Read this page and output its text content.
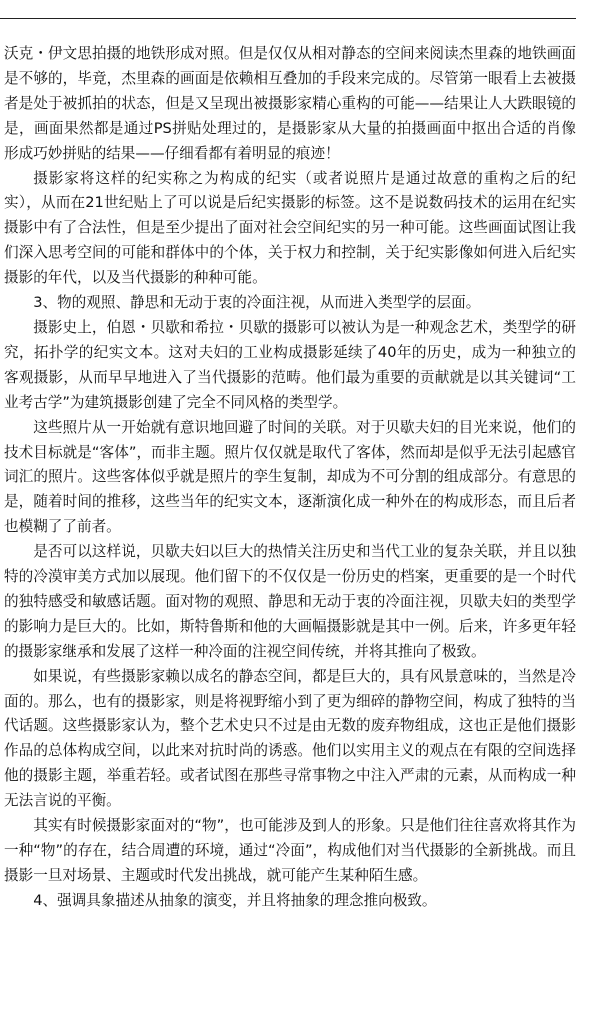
沃克・伊文思拍摄的地铁形成对照。但是仅仅从相对静态的空间来阅读杰里森的地铁画面是不够的，毕竟，杰里森的画面是依赖相互叠加的手段来完成的。尽管第一眼看上去被摄者是处于被抓拍的状态，但是又呈现出被摄影家精心重构的可能——结果让人大跌眼镜的是，画面果然都是通过PS拼贴处理过的，是摄影家从大量的拍摄画面中抠出合适的肖像形成巧妙拼贴的结果——仔细看都有着明显的痕迹！

摄影家将这样的纪实称之为构成的纪实（或者说照片是通过故意的重构之后的纪实），从而在21世纪贴上了可以说是后纪实摄影的标签。这不是说数码技术的运用在纪实摄影中有了合法性，但是至少提出了面对社会空间纪实的另一种可能。这些画面试图让我们深入思考空间的可能和群体中的个体，关于权力和控制，关于纪实影像如何进入后纪实摄影的年代，以及当代摄影的种种可能。

3、物的观照、静思和无动于衷的冷面注视，从而进入类型学的层面。

摄影史上，伯恩・贝歇和希拉・贝歇的摄影可以被认为是一种观念艺术，类型学的研究，拓扑学的纪实文本。这对夫妇的工业构成摄影延续了40年的历史，成为一种独立的客观摄影，从而早早地进入了当代摄影的范畴。他们最为重要的贡献就是以其关键词“工业考古学”为建筑摄影创建了完全不同风格的类型学。

这些照片从一开始就有意识地回避了时间的关联。对于贝歇夫妇的目光来说，他们的技术目标就是“客体”，而非主题。照片仅仅就是取代了客体，然而却是似乎无法引起感官词汇的照片。这些客体似乎就是照片的孪生复制，却成为不可分割的组成部分。有意思的是，随着时间的推移，这些当年的纪实文本，逐渐演化成一种外在的构成形态，而且后者也模糊了了前者。

是否可以这样说，贝歇夫妇以巨大的热情关注历史和当代工业的复杂关联，并且以独特的冷漠审美方式加以展现。他们留下的不仅仅是一份历史的档案，更重要的是一个时代的独特感受和敏感话题。面对物的观照、静思和无动于衷的冷面注视，贝歇夫妇的类型学的影响力是巨大的。比如，斯特鲁斯和他的大画幅摄影就是其中一例。后来，许多更年轻的摄影家继承和发展了这样一种冷面的注视空间传统，并将其推向了极致。

如果说，有些摄影家赖以成名的静态空间，都是巨大的，具有风景意味的，当然是冷面的。那么，也有的摄影家，则是将视野缩小到了更为细碎的静物空间，构成了独特的当代话题。这些摄影家认为，整个艺术史只不过是由无数的废弃物组成，这也正是他们摄影作品的总体构成空间，以此来对抗时尚的诱惑。他们以实用主义的观点在有限的空间选择他的摄影主题，举重若轻。或者试图在那些寻常事物之中注入严肃的元素，从而构成一种无法言说的平衡。

其实有时候摄影家面对的“物”，也可能涉及到人的形象。只是他们往往喜欢将其作为一种“物”的存在，结合周遭的环境，通过“冷面”，构成他们对当代摄影的全新挑战。而且摄影一旦对场景、主题或时代发出挑战，就可能产生某种陌生感。

4、强调具象描述从抽象的演变，并且将抽象的理念推向极致。
